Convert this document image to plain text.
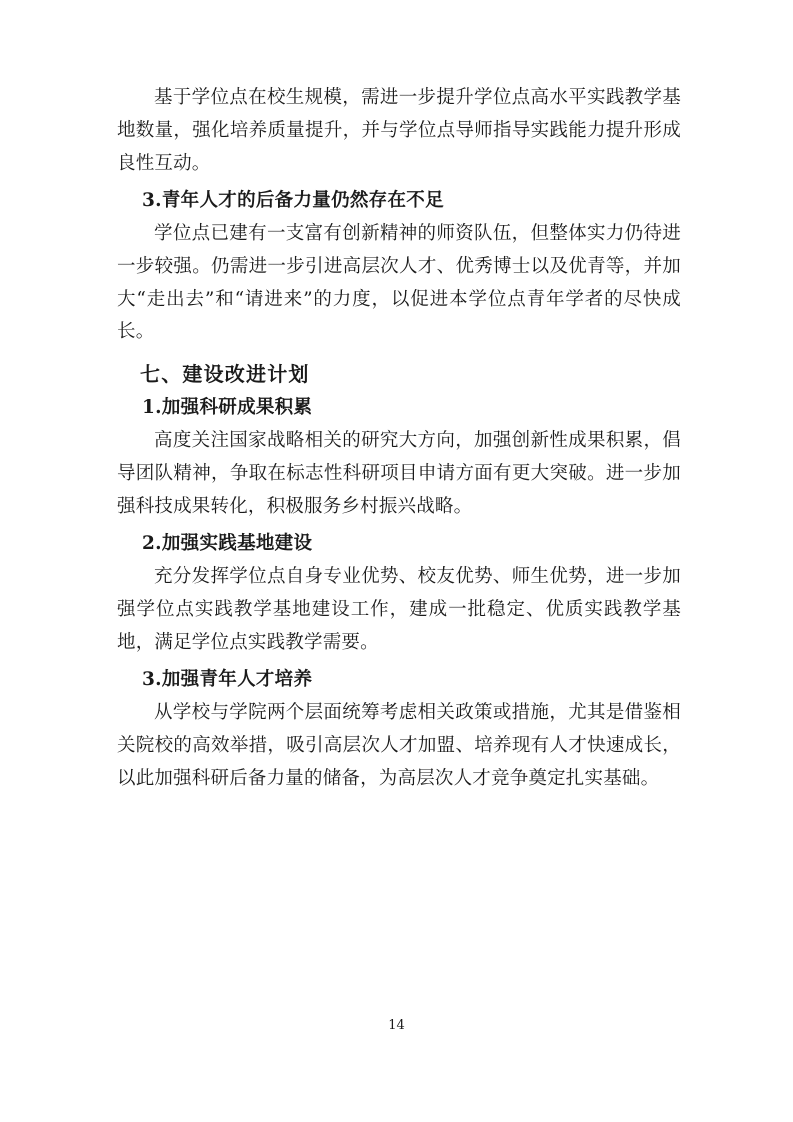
基于学位点在校生规模，需进一步提升学位点高水平实践教学基地数量，强化培养质量提升，并与学位点导师指导实践能力提升形成良性互动。

3.青年人才的后备力量仍然存在不足

学位点已建有一支富有创新精神的师资队伍，但整体实力仍待进一步较强。仍需进一步引进高层次人才、优秀博士以及优青等，并加大“走出去”和“请进来”的力度，以促进本学位点青年学者的尽快成长。

七、建设改进计划

1.加强科研成果积累

高度关注国家战略相关的研究大方向，加强创新性成果积累，倡导团队精神，争取在标志性科研项目申请方面有更大突破。进一步加强科技成果转化，积极服务乡村振兴战略。

2.加强实践基地建设

充分发挥学位点自身专业优势、校友优势、师生优势，进一步加强学位点实践教学基地建设工作，建成一批稳定、优质实践教学基地，满足学位点实践教学需要。

3.加强青年人才培养

从学校与学院两个层面统筹考虑相关政策或措施，尤其是借鉴相关院校的高效举措，吸引高层次人才加盟、培养现有人才快速成长，以此加强科研后备力量的储备，为高层次人才竞争奠定扎实基础。

14
